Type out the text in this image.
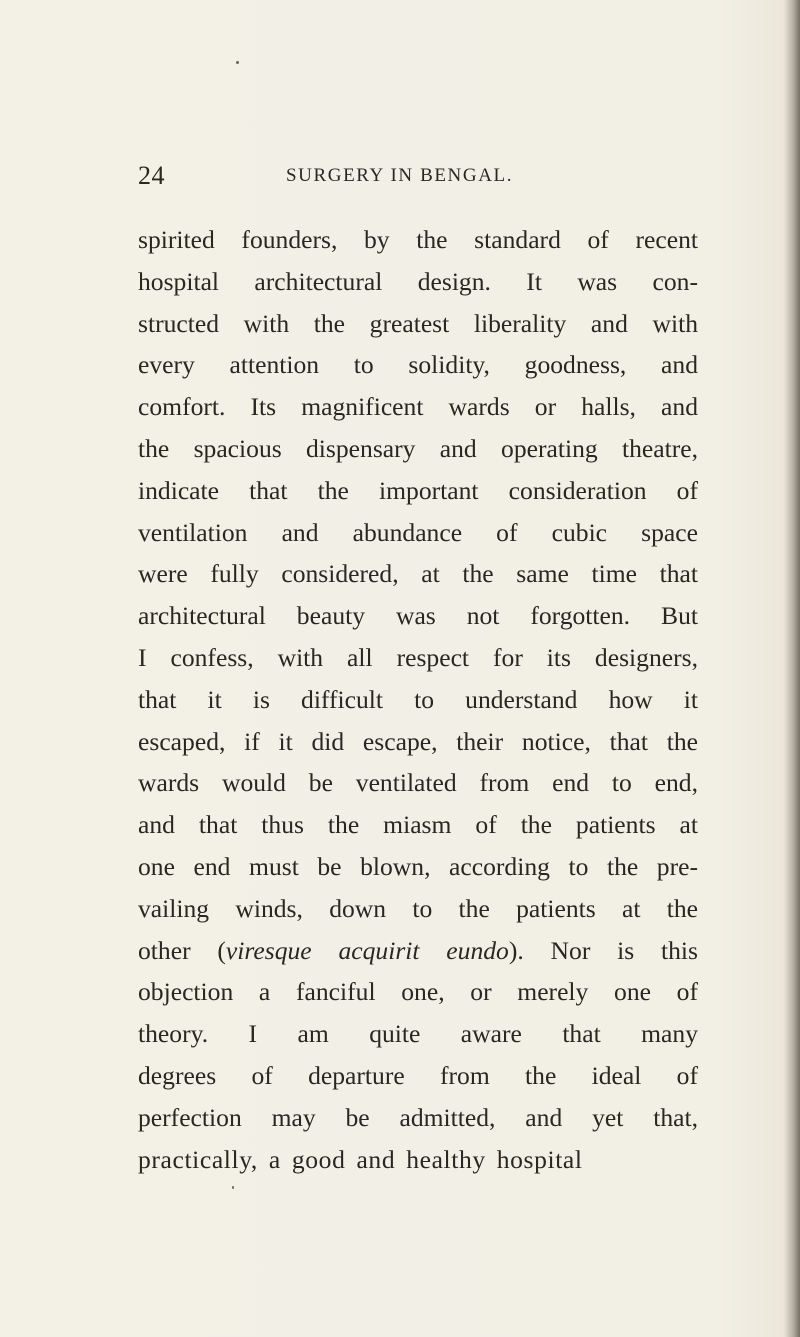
24	SURGERY IN BENGAL.
spirited founders, by the standard of recent
hospital architectural design. It was con-
structed with the greatest liberality and with
every attention to solidity, goodness, and
comfort. Its magnificent wards or halls, and
the spacious dispensary and operating theatre,
indicate that the important consideration of
ventilation and abundance of cubic space
were fully considered, at the same time that
architectural beauty was not forgotten. But
I confess, with all respect for its designers,
that it is difficult to understand how it
escaped, if it did escape, their notice, that the
wards would be ventilated from end to end,
and that thus the miasm of the patients at
one end must be blown, according to the pre-
vailing winds, down to the patients at the
other (viresque acquirit eundo). Nor is this
objection a fanciful one, or merely one of
theory. I am quite aware that many
degrees of departure from the ideal of
perfection may be admitted, and yet that,
practically, a good and healthy hospital
